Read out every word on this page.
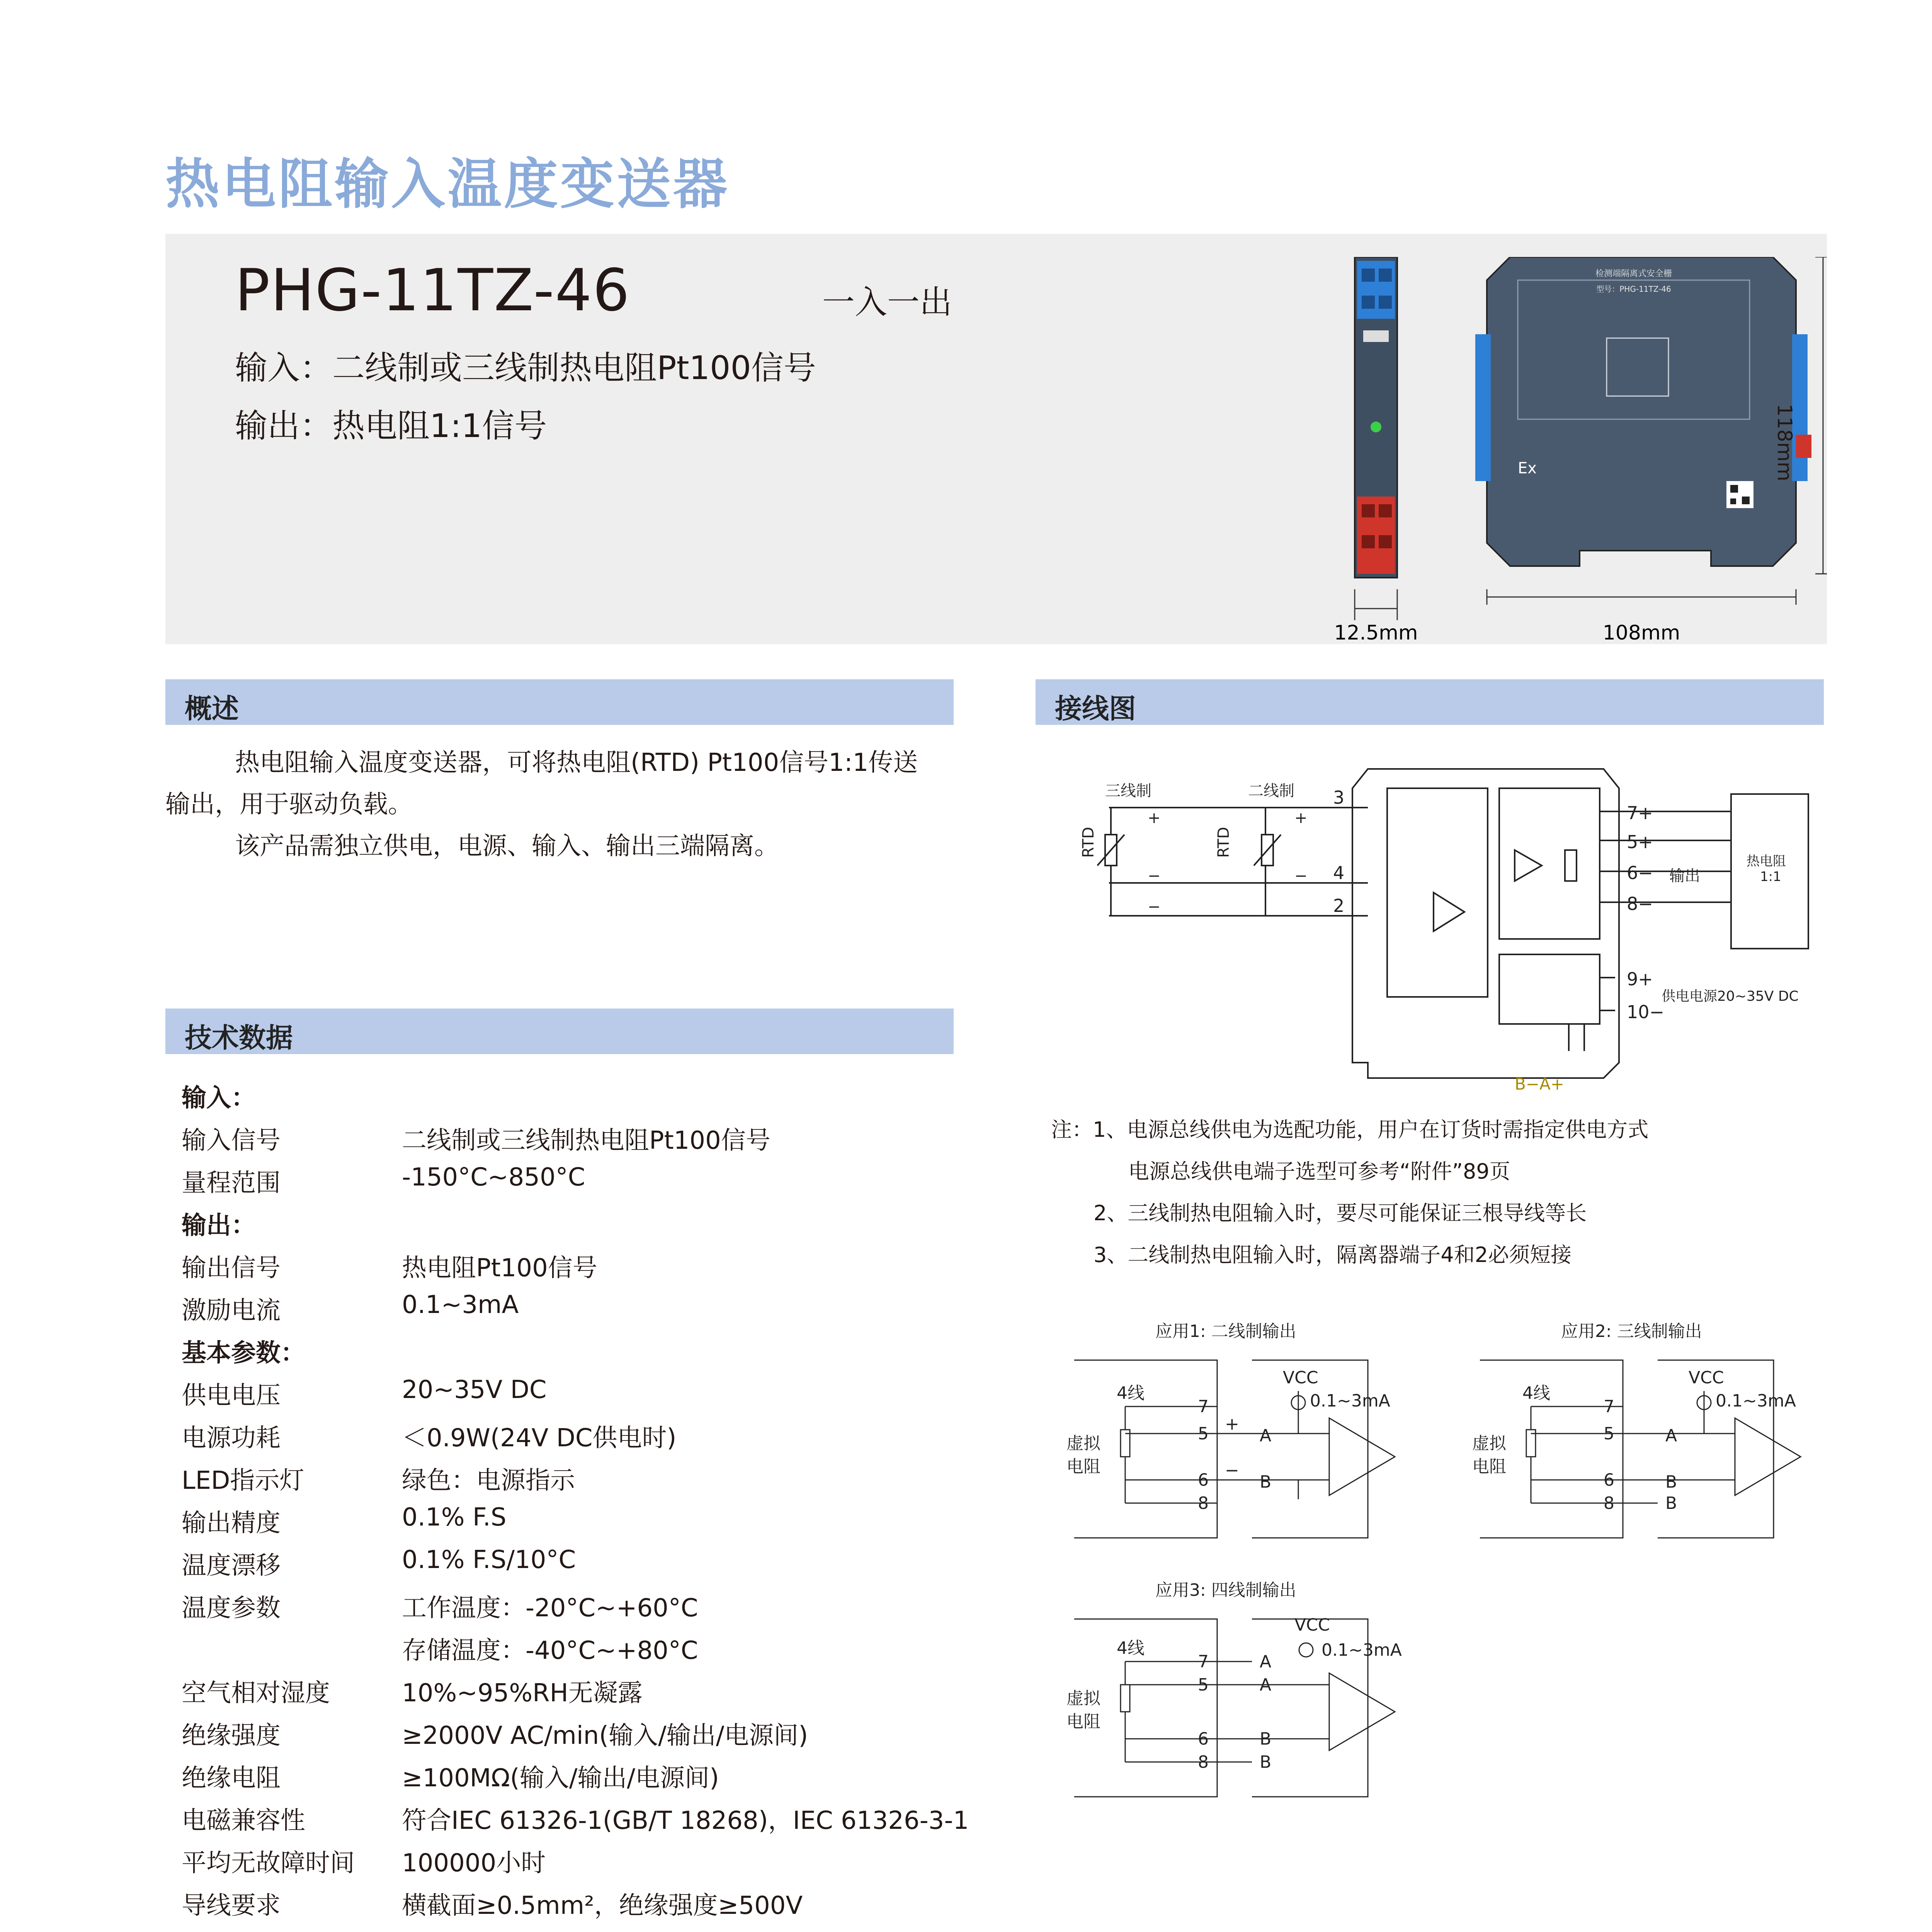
热电阻输入温度变送器
PHG-11TZ-46	一入一出
输入：二线制或三线制热电阻Pt100信号
输出：热电阻1:1信号
12.5mm
检测端隔离式安全栅
型号：PHG-11TZ-46
Ex
108mm
118mm
概述

热电阻输入温度变送器，可将热电阻(RTD) Pt100信号1:1传送

输出，用于驱动负载。

该产品需独立供电，电源、输入、输出三端隔离。

接线图
三线制	二线制
RTD	RTD
+
−
−
+
−
3
4
2
7+
5+
6−
8−
输出
热电阻
1:1
9+
10−
供电电源20~35V DC
B−A+
注：1、电源总线供电为选配功能，用户在订货时需指定供电方式
电源总线供电端子选型可参考“附件”89页
2、三线制热电阻输入时，要尽可能保证三根导线等长
3、二线制热电阻输入时，隔离器端子4和2必须短接
应用1: 二线制输出	应用2: 三线制输出
应用3: 四线制输出
4线
7
5
6
8
虚拟
电阻
VCC
0.1~3mA
A
B
+
−
4线
7
5
6
8
虚拟
电阻
VCC
0.1~3mA
A
B
B
4线
7
5
6
8
虚拟
电阻
VCC
0.1~3mA
A
A
B
B
技术数据
输入：
输入信号	二线制或三线制热电阻Pt100信号
量程范围	-150°C~850°C
输出：
输出信号	热电阻Pt100信号
激励电流	0.1~3mA
基本参数：
供电电压	20~35V DC
电源功耗	＜0.9W(24V DC供电时)
LED指示灯	绿色：电源指示
输出精度	0.1% F.S
温度漂移	0.1% F.S/10°C
温度参数	工作温度：-20°C~+60°C
存储温度：-40°C~+80°C
空气相对湿度	10%~95%RH无凝露
绝缘强度	≥2000V AC/min(输入/输出/电源间)
绝缘电阻	≥100MΩ(输入/输出/电源间)
电磁兼容性	符合IEC 61326-1(GB/T 18268)，IEC 61326-3-1
平均无故障时间 100000小时
导线要求	横截面≥0.5mm²，绝缘强度≥500V
